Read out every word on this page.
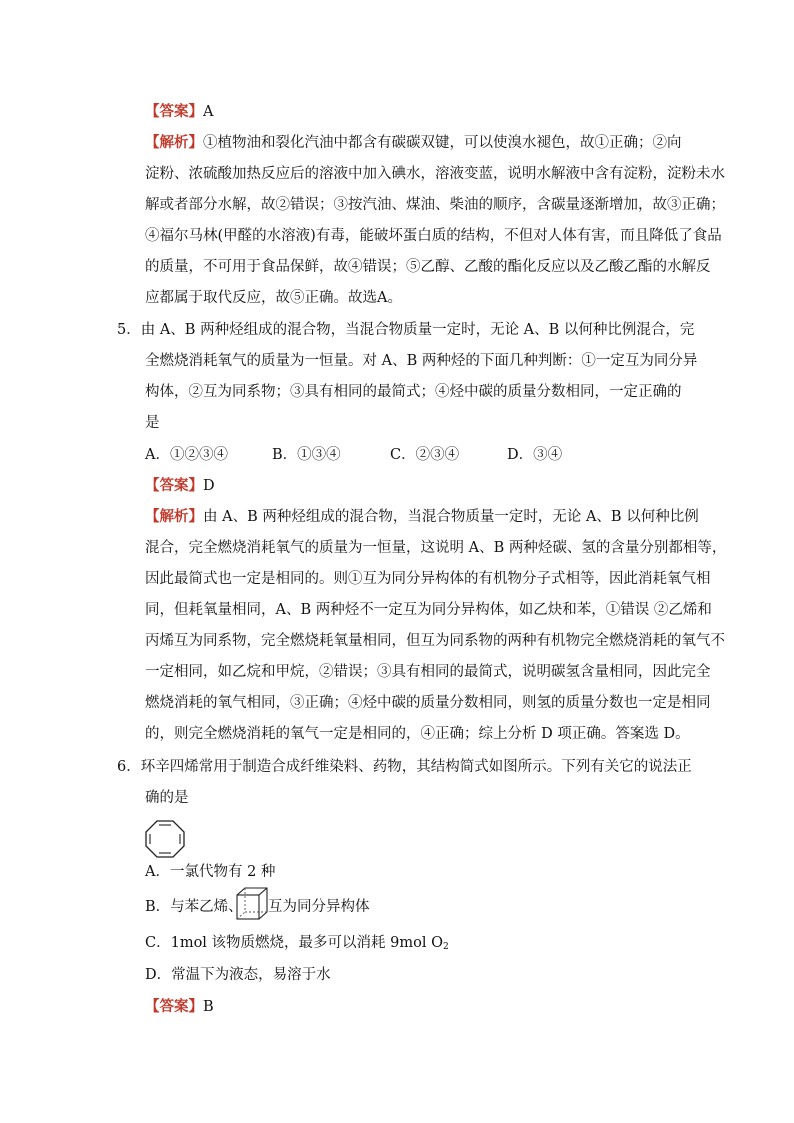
【答案】A
【解析】①植物油和裂化汽油中都含有碳碳双键，可以使溴水褪色，故①正确；②向
淀粉、浓硫酸加热反应后的溶液中加入碘水，溶液变蓝，说明水解液中含有淀粉，淀粉未水
解或者部分水解，故②错误；③按汽油、煤油、柴油的顺序，含碳量逐渐增加，故③正确；
④福尔马林(甲醛的水溶液)有毒，能破坏蛋白质的结构，不但对人体有害，而且降低了食品
的质量，不可用于食品保鲜，故④错误；⑤乙醇、乙酸的酯化反应以及乙酸乙酯的水解反
应都属于取代反应，故⑤正确。故选A。
5．由 A、B 两种烃组成的混合物，当混合物质量一定时，无论 A、B 以何种比例混合，完
全燃烧消耗氧气的质量为一恒量。对 A、B 两种烃的下面几种判断：①一定互为同分异
构体，②互为同系物；③具有相同的最简式；④烃中碳的质量分数相同，一定正确的
是
A．①②③④	B．①③④	C．②③④	D．③④
【答案】D
【解析】由 A、B 两种烃组成的混合物，当混合物质量一定时，无论 A、B 以何种比例
混合，完全燃烧消耗氧气的质量为一恒量，这说明 A、B 两种烃碳、氢的含量分别都相等，
因此最简式也一定是相同的。则①互为同分异构体的有机物分子式相等，因此消耗氧气相
同，但耗氧量相同，A、B 两种烃不一定互为同分异构体，如乙炔和苯，①错误 ②乙烯和
丙烯互为同系物，完全燃烧耗氧量相同，但互为同系物的两种有机物完全燃烧消耗的氧气不
一定相同，如乙烷和甲烷，②错误；③具有相同的最简式，说明碳氢含量相同，因此完全
燃烧消耗的氧气相同，③正确；④烃中碳的质量分数相同，则氢的质量分数也一定是相同
的，则完全燃烧消耗的氧气一定是相同的，④正确；综上分析 D 项正确。答案选 D。
6．环辛四烯常用于制造合成纤维染料、药物，其结构简式如图所示。下列有关它的说法正
确的是
A．一氯代物有 2 种
B．与苯乙烯、 互为同分异构体
C．1mol 该物质燃烧，最多可以消耗 9mol $O_2$
D．常温下为液态，易溶于水
【答案】B
